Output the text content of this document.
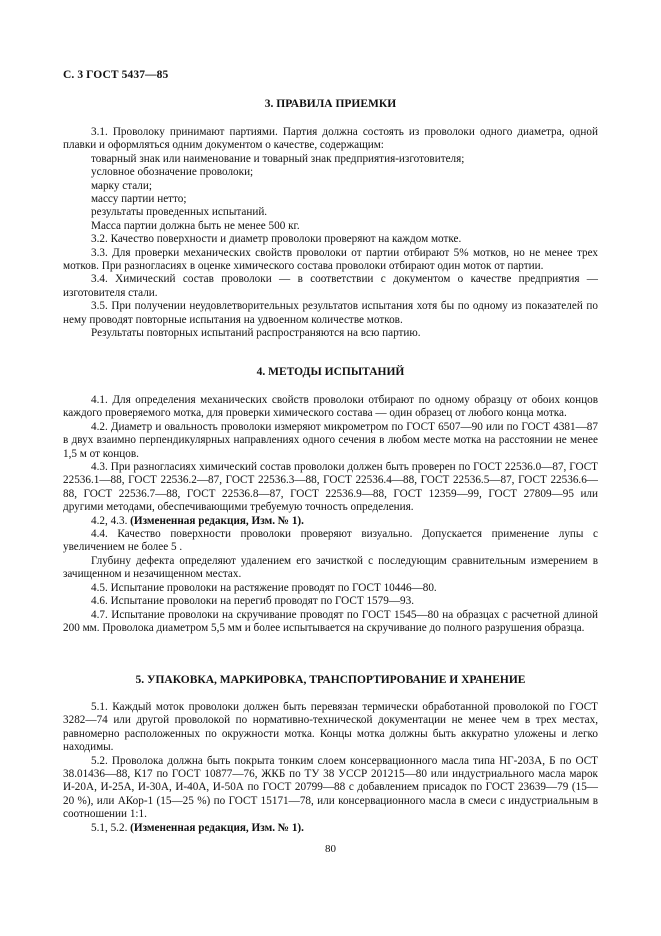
С. 3 ГОСТ 5437—85
3. ПРАВИЛА ПРИЕМКИ
3.1. Проволоку принимают партиями. Партия должна состоять из проволоки одного диаметра, одной плавки и оформляться одним документом о качестве, содержащим:
товарный знак или наименование и товарный знак предприятия-изготовителя;
условное обозначение проволоки;
марку стали;
массу партии нетто;
результаты проведенных испытаний.
Масса партии должна быть не менее 500 кг.
3.2. Качество поверхности и диаметр проволоки проверяют на каждом мотке.
3.3. Для проверки механических свойств проволоки от партии отбирают 5% мотков, но не менее трех мотков. При разногласиях в оценке химического состава проволоки отбирают один моток от партии.
3.4. Химический состав проволоки — в соответствии с документом о качестве предприятия — изготовителя стали.
3.5. При получении неудовлетворительных результатов испытания хотя бы по одному из показателей по нему проводят повторные испытания на удвоенном количестве мотков.
Результаты повторных испытаний распространяются на всю партию.
4. МЕТОДЫ ИСПЫТАНИЙ
4.1. Для определения механических свойств проволоки отбирают по одному образцу от обоих концов каждого проверяемого мотка, для проверки химического состава — один образец от любого конца мотка.
4.2. Диаметр и овальность проволоки измеряют микрометром по ГОСТ 6507—90 или по ГОСТ 4381—87 в двух взаимно перпендикулярных направлениях одного сечения в любом месте мотка на расстоянии не менее 1,5 м от концов.
4.3. При разногласиях химический состав проволоки должен быть проверен по ГОСТ 22536.0—87, ГОСТ 22536.1—88, ГОСТ 22536.2—87, ГОСТ 22536.3—88, ГОСТ 22536.4—88, ГОСТ 22536.5—87, ГОСТ 22536.6—88, ГОСТ 22536.7—88, ГОСТ 22536.8—87, ГОСТ 22536.9—88, ГОСТ 12359—99, ГОСТ 27809—95 или другими методами, обеспечивающими требуемую точность определения.
4.2, 4.3. (Измененная редакция, Изм. № 1).
4.4. Качество поверхности проволоки проверяют визуально. Допускается применение лупы с увеличением не более 5 .
Глубину дефекта определяют удалением его зачисткой с последующим сравнительным измерением в зачищенном и незачищенном местах.
4.5. Испытание проволоки на растяжение проводят по ГОСТ 10446—80.
4.6. Испытание проволоки на перегиб проводят по ГОСТ 1579—93.
4.7. Испытание проволоки на скручивание проводят по ГОСТ 1545—80 на образцах с расчетной длиной 200 мм. Проволока диаметром 5,5 мм и более испытывается на скручивание до полного разрушения образца.
5. УПАКОВКА, МАРКИРОВКА, ТРАНСПОРТИРОВАНИЕ И ХРАНЕНИЕ
5.1. Каждый моток проволоки должен быть перевязан термически обработанной проволокой по ГОСТ 3282—74 или другой проволокой по нормативно-технической документации не менее чем в трех местах, равномерно расположенных по окружности мотка. Концы мотка должны быть аккуратно уложены и легко находимы.
5.2. Проволока должна быть покрыта тонким слоем консервационного масла типа НГ-203А, Б по ОСТ 38.01436—88, К17 по ГОСТ 10877—76, ЖКБ по ТУ 38 УССР 201215—80 или индустриального масла марок И-20А, И-25А, И-30А, И-40А, И-50А по ГОСТ 20799—88 с добавлением присадок по ГОСТ 23639—79 (15—20 %), или АКор-1 (15—25 %) по ГОСТ 15171—78, или консервационного масла в смеси с индустриальным в соотношении 1:1.
5.1, 5.2. (Измененная редакция, Изм. № 1).
80
